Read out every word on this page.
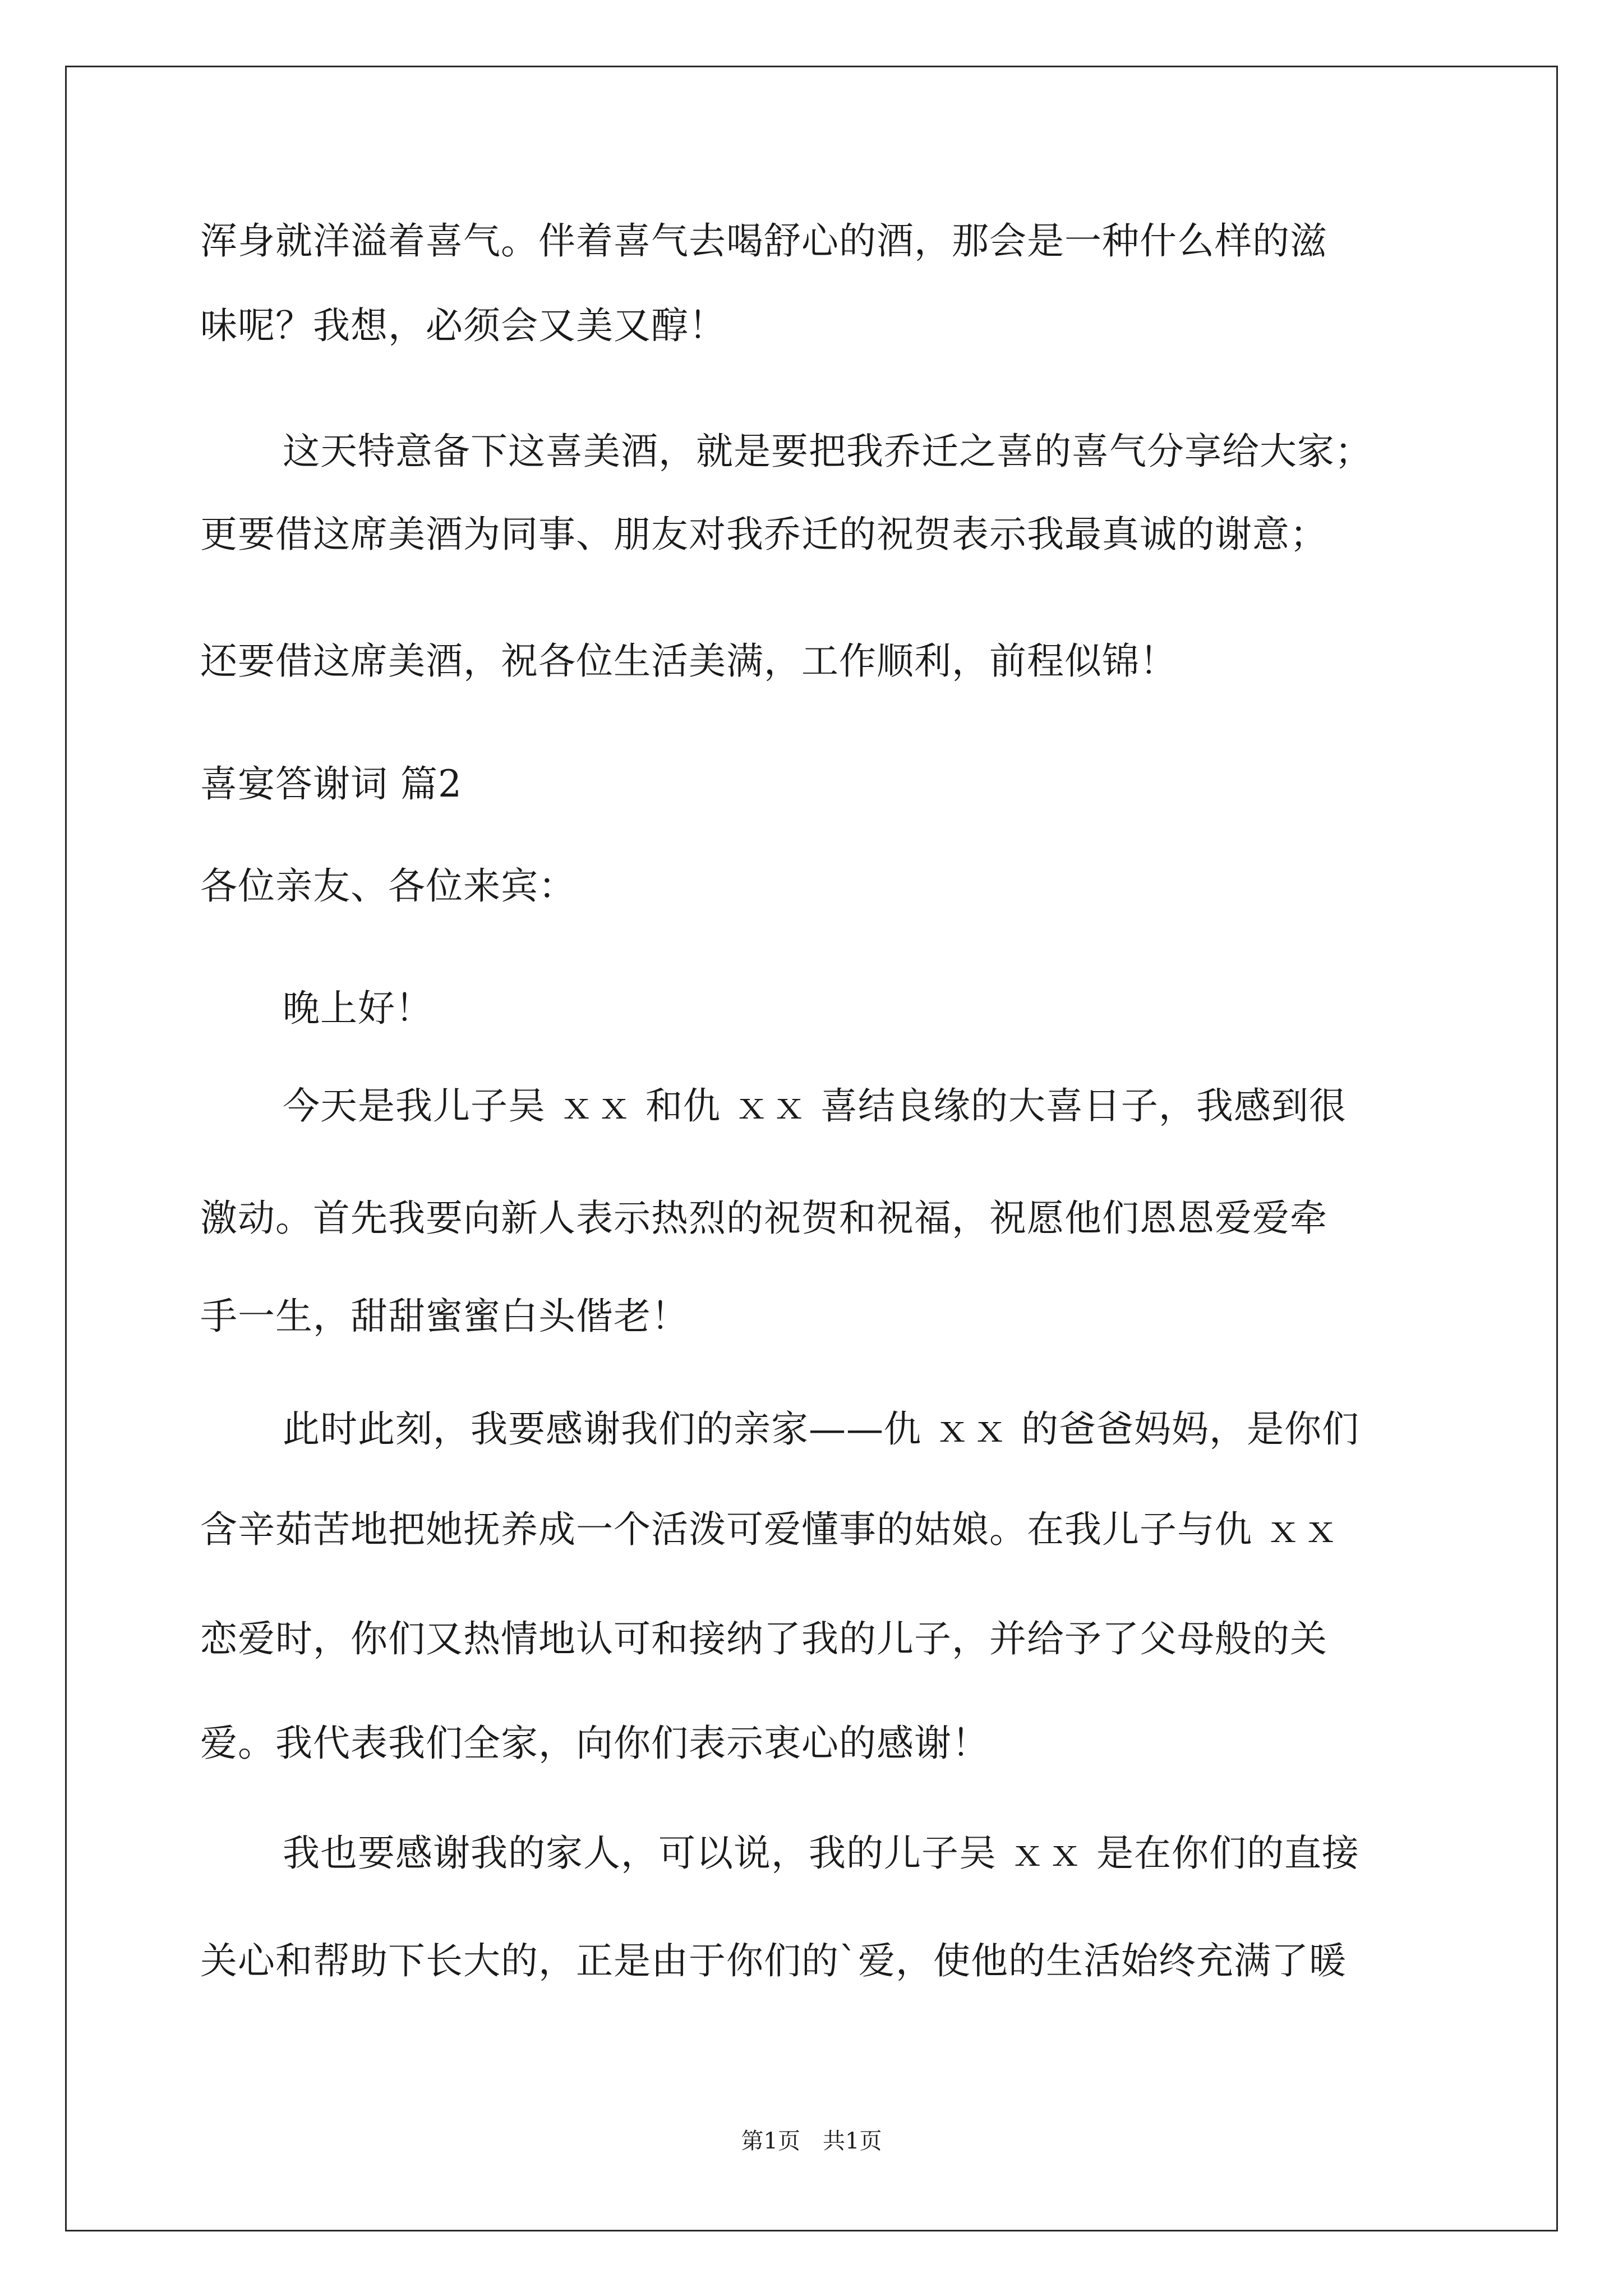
浑身就洋溢着喜气。伴着喜气去喝舒心的酒，那会是一种什么样的滋
味呢？我想，必须会又美又醇！
这天特意备下这喜美酒，就是要把我乔迁之喜的喜气分享给大家；
更要借这席美酒为同事、朋友对我乔迁的祝贺表示我最真诚的谢意；
还要借这席美酒，祝各位生活美满，工作顺利，前程似锦！
喜宴答谢词 篇2
各位亲友、各位来宾：
晚上好！
今天是我儿子吴 ｘｘ 和仇 ｘｘ 喜结良缘的大喜日子，我感到很
激动。首先我要向新人表示热烈的祝贺和祝福，祝愿他们恩恩爱爱牵
手一生，甜甜蜜蜜白头偕老！
此时此刻，我要感谢我们的亲家——仇 ｘｘ 的爸爸妈妈，是你们
含辛茹苦地把她抚养成一个活泼可爱懂事的姑娘。在我儿子与仇 ｘｘ
恋爱时，你们又热情地认可和接纳了我的儿子，并给予了父母般的关
爱。我代表我们全家，向你们表示衷心的感谢！
我也要感谢我的家人，可以说，我的儿子吴 ｘｘ 是在你们的直接
关心和帮助下长大的，正是由于你们的`爱，使他的生活始终充满了暖
第1页　共1页
